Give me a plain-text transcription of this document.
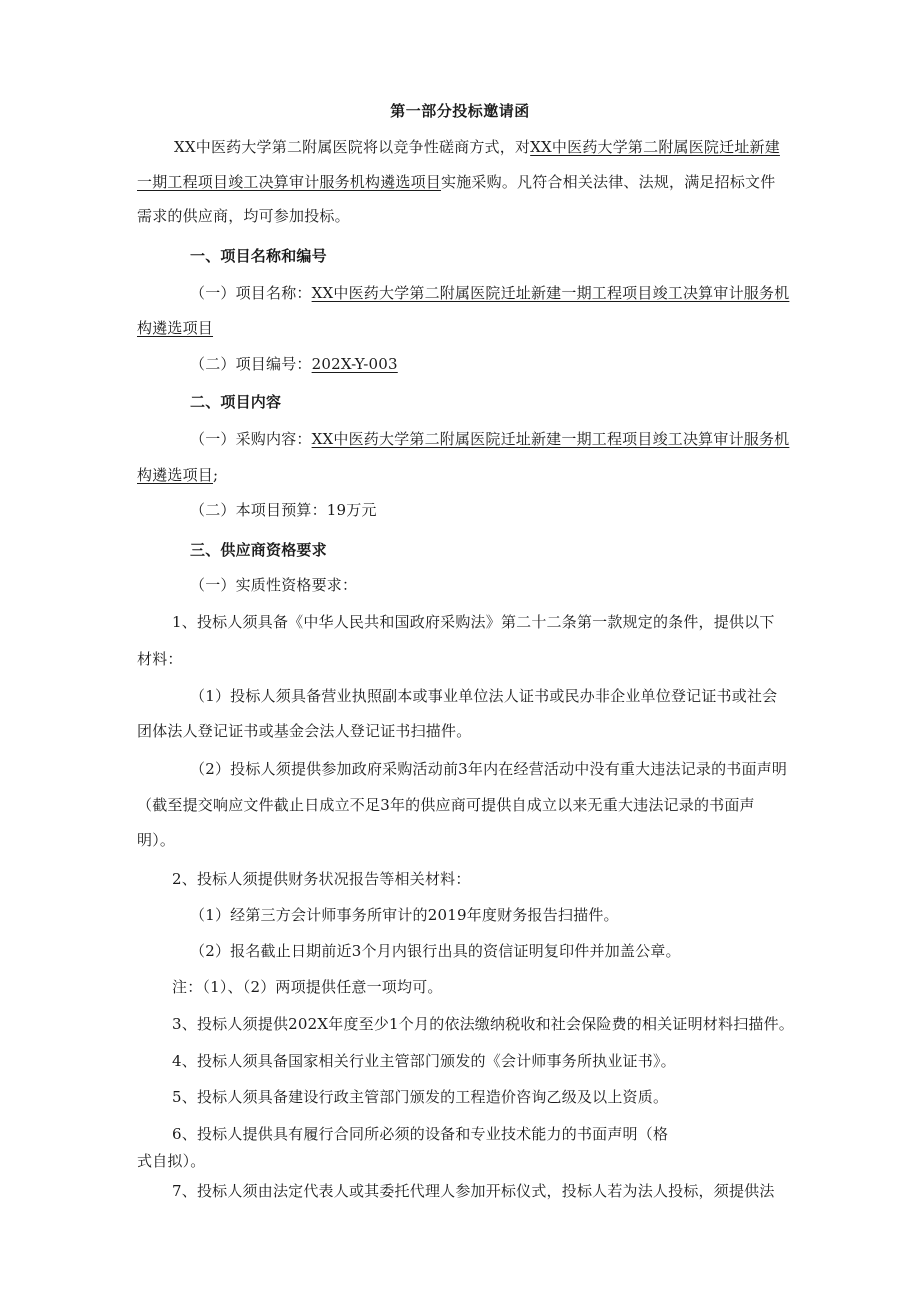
第一部分投标邀请函
XX中医药大学第二附属医院将以竞争性磋商方式，对XX中医药大学第二附属医院迁址新建
一期工程项目竣工决算审计服务机构遴选项目实施采购。凡符合相关法律、法规，满足招标文件
需求的供应商，均可参加投标。
一、项目名称和编号
（一）项目名称：XX中医药大学第二附属医院迁址新建一期工程项目竣工决算审计服务机
构遴选项目
（二）项目编号：202X-Y-003
二、项目内容
（一）采购内容：XX中医药大学第二附属医院迁址新建一期工程项目竣工决算审计服务机
构遴选项目;
（二）本项目预算：19万元
三、供应商资格要求
（一）实质性资格要求：
1、投标人须具备《中华人民共和国政府采购法》第二十二条第一款规定的条件，提供以下
材料：
（1）投标人须具备营业执照副本或事业单位法人证书或民办非企业单位登记证书或社会
团体法人登记证书或基金会法人登记证书扫描件。
（2）投标人须提供参加政府采购活动前3年内在经营活动中没有重大违法记录的书面声明
（截至提交响应文件截止日成立不足3年的供应商可提供自成立以来无重大违法记录的书面声
明）。
2、投标人须提供财务状况报告等相关材料：
（1）经第三方会计师事务所审计的2019年度财务报告扫描件。
（2）报名截止日期前近3个月内银行出具的资信证明复印件并加盖公章。
注：（1）、（2）两项提供任意一项均可。
3、投标人须提供202X年度至少1个月的依法缴纳税收和社会保险费的相关证明材料扫描件。
4、投标人须具备国家相关行业主管部门颁发的《会计师事务所执业证书》。
5、投标人须具备建设行政主管部门颁发的工程造价咨询乙级及以上资质。
6、投标人提供具有履行合同所必须的设备和专业技术能力的书面声明（格
式自拟）。
7、投标人须由法定代表人或其委托代理人参加开标仪式，投标人若为法人投标，须提供法
